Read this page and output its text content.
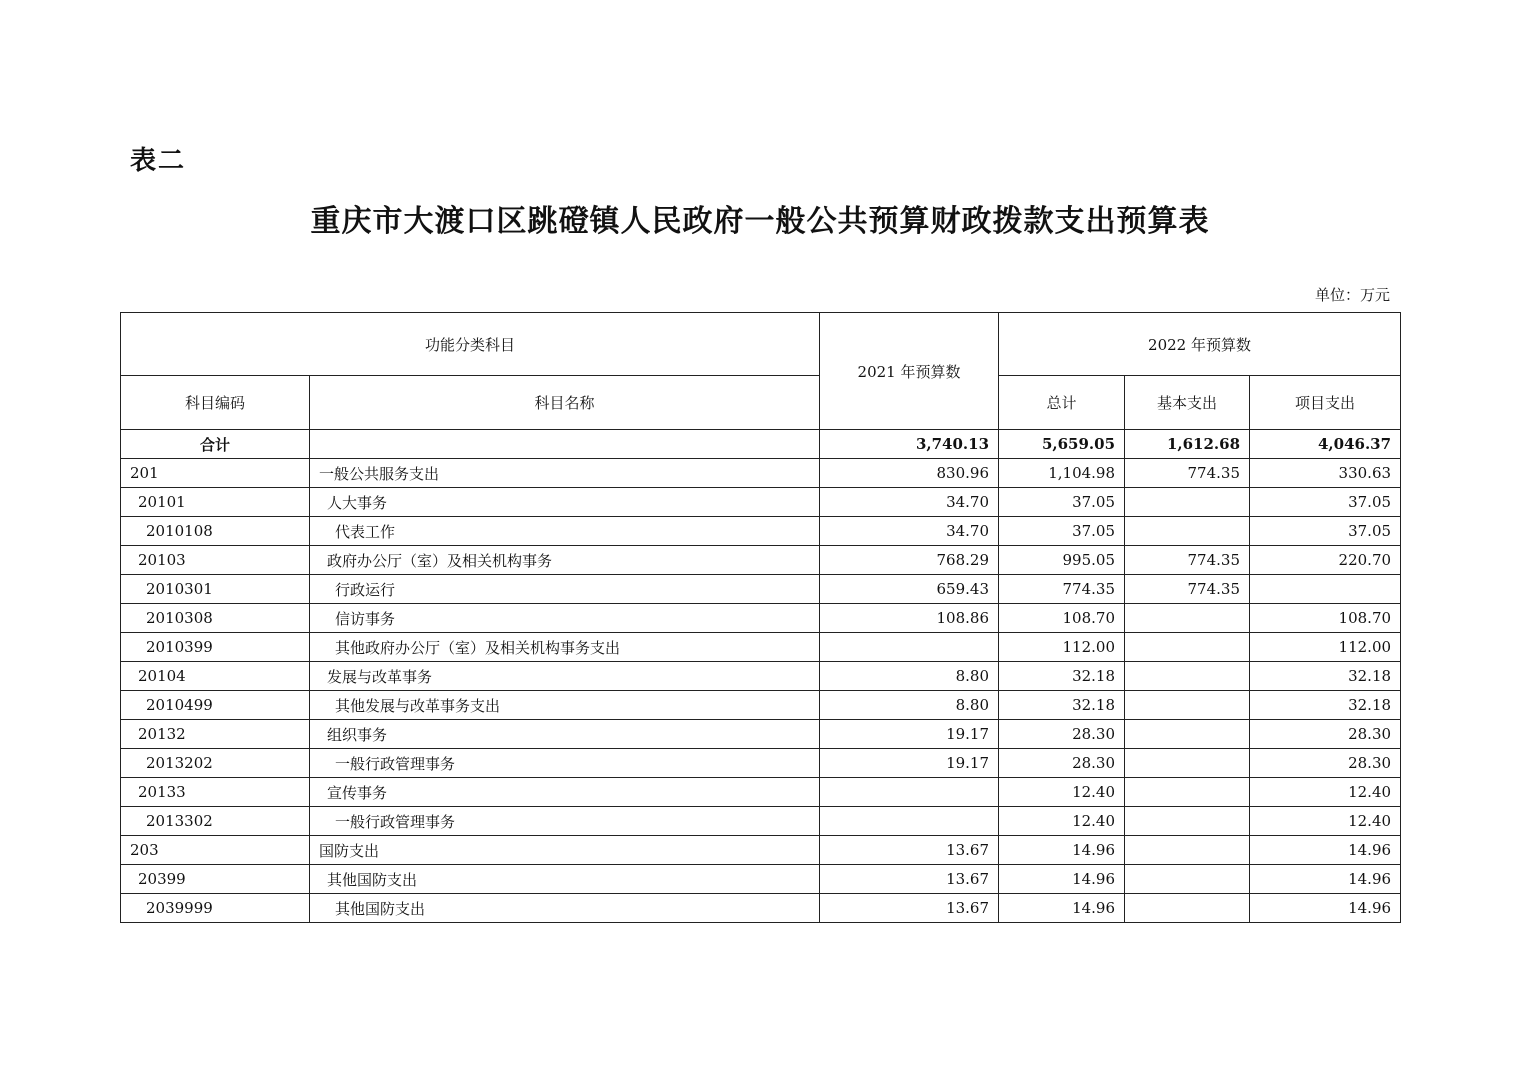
表二
重庆市大渡口区跳磴镇人民政府一般公共预算财政拨款支出预算表
单位：万元
功能分类科目		2021 年预算数	2022 年预算数		
科目编码	科目名称		总计	基本支出	项目支出
合计		3,740.13	5,659.05	1,612.68	4,046.37
201	一般公共服务支出	830.96	1,104.98	774.35	330.63
20101	人大事务	34.70	37.05		37.05
2010108	代表工作	34.70	37.05		37.05
20103	政府办公厅（室）及相关机构事务	768.29	995.05	774.35	220.70
2010301	行政运行	659.43	774.35	774.35	
2010308	信访事务	108.86	108.70		108.70
2010399	其他政府办公厅（室）及相关机构事务支出		112.00		112.00
20104	发展与改革事务	8.80	32.18		32.18
2010499	其他发展与改革事务支出	8.80	32.18		32.18
20132	组织事务	19.17	28.30		28.30
2013202	一般行政管理事务	19.17	28.30		28.30
20133	宣传事务		12.40		12.40
2013302	一般行政管理事务		12.40		12.40
203	国防支出	13.67	14.96		14.96
20399	其他国防支出	13.67	14.96		14.96
2039999	其他国防支出	13.67	14.96		14.96
